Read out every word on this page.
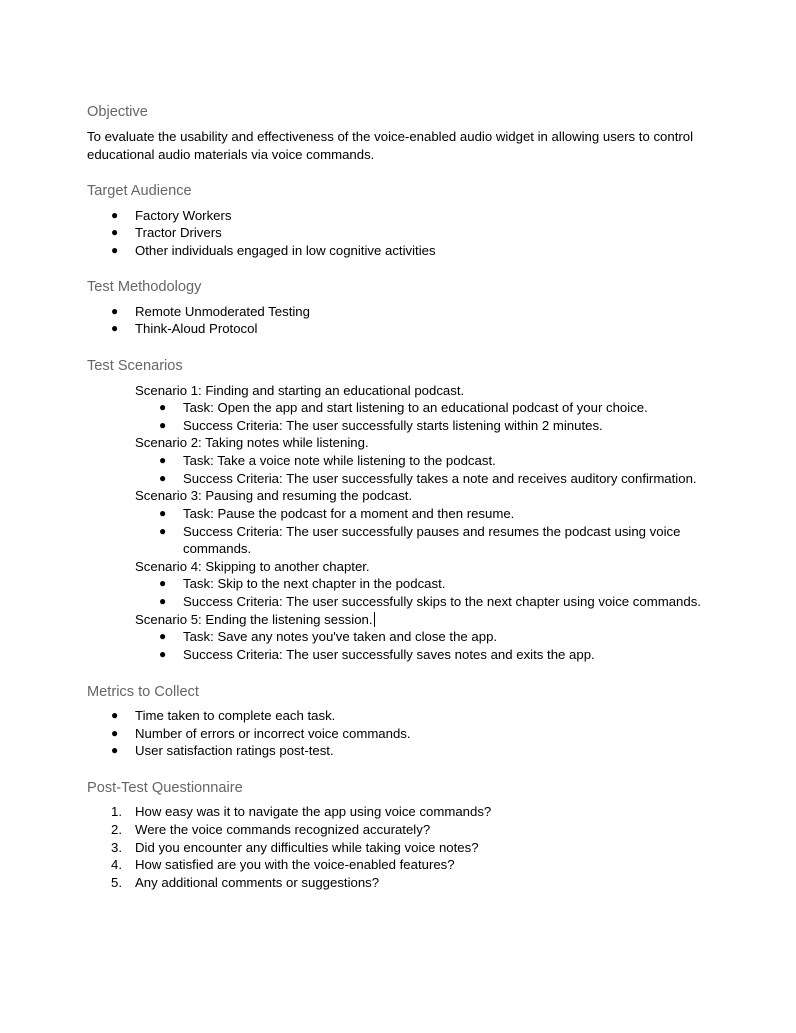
Objective
To evaluate the usability and effectiveness of the voice-enabled audio widget in allowing users to control
educational audio materials via voice commands.
Target Audience
● Factory Workers
● Tractor Drivers
● Other individuals engaged in low cognitive activities
Test Methodology
● Remote Unmoderated Testing
● Think-Aloud Protocol
Test Scenarios
Scenario 1: Finding and starting an educational podcast.
● Task: Open the app and start listening to an educational podcast of your choice.
● Success Criteria: The user successfully starts listening within 2 minutes.
Scenario 2: Taking notes while listening.
● Task: Take a voice note while listening to the podcast.
● Success Criteria: The user successfully takes a note and receives auditory confirmation.
Scenario 3: Pausing and resuming the podcast.
● Task: Pause the podcast for a moment and then resume.
● Success Criteria: The user successfully pauses and resumes the podcast using voice
commands.
Scenario 4: Skipping to another chapter.
● Task: Skip to the next chapter in the podcast.
● Success Criteria: The user successfully skips to the next chapter using voice commands.
Scenario 5: Ending the listening session.
● Task: Save any notes you've taken and close the app.
● Success Criteria: The user successfully saves notes and exits the app.
Metrics to Collect
● Time taken to complete each task.
● Number of errors or incorrect voice commands.
● User satisfaction ratings post-test.
Post-Test Questionnaire
1. How easy was it to navigate the app using voice commands?
2. Were the voice commands recognized accurately?
3. Did you encounter any difficulties while taking voice notes?
4. How satisfied are you with the voice-enabled features?
5. Any additional comments or suggestions?
